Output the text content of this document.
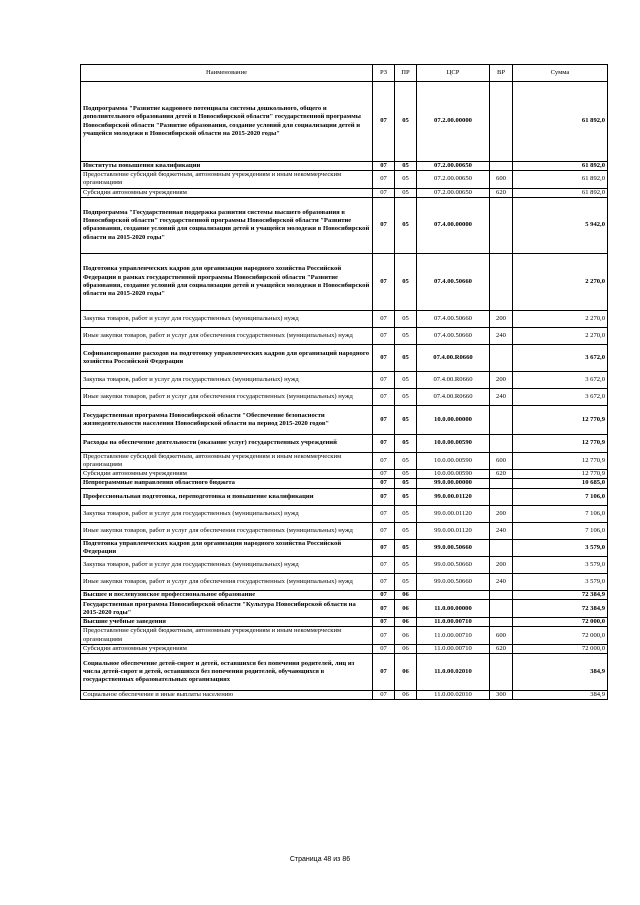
Наименование	РЗ	ПР	ЦСР	ВР	Сумма
Подпрограмма "Развитие кадрового потенциала системы дошкольного, общего и дополнительного образования детей в Новосибирской области" государственной программы Новосибирской области "Развитие образования, создание условий для социализации детей и учащейся молодежи в Новосибирской области на 2015-2020 годы"	07	05	07.2.00.00000		61 892,0
Институты повышения квалификации	07	05	07.2.00.00650		61 892,0
Предоставление субсидий бюджетным, автономным учреждениям и иным некоммерческим организациям	07	05	07.2.00.00650	600	61 892,0
Субсидии автономным учреждениям	07	05	07.2.00.00650	620	61 892,0
Подпрограмма "Государственная поддержка развития системы высшего образования в Новосибирской области" государственной программы Новосибирской области "Развитие образования, создание условий для социализации детей и учащейся молодежи в Новосибирской области на 2015-2020 годы"	07	05	07.4.00.00000		5 942,0
Подготовка управленческих кадров для организации народного хозяйства Российской Федерации в рамках государственной программы Новосибирской области "Развитие образования, создание условий для социализации детей и учащейся молодежи в Новосибирской области на 2015-2020 годы"	07	05	07.4.00.50660		2 270,0
Закупка товаров, работ и услуг для государственных (муниципальных) нужд	07	05	07.4.00.50660	200	2 270,0
Иные закупки товаров, работ и услуг для обеспечения государственных (муниципальных) нужд	07	05	07.4.00.50660	240	2 270,0
Софинансирование расходов на подготовку управленческих кадров для организаций народного хозяйства Российской Федерации	07	05	07.4.00.R0660		3 672,0
Закупка товаров, работ и услуг для государственных (муниципальных) нужд	07	05	07.4.00.R0660	200	3 672,0
Иные закупки товаров, работ и услуг для обеспечения государственных (муниципальных) нужд	07	05	07.4.00.R0660	240	3 672,0
Государственная программа Новосибирской области "Обеспечение безопасности жизнедеятельности населения Новосибирской области на период 2015-2020 годов"	07	05	10.0.00.00000		12 770,9
Расходы на обеспечение деятельности (оказание услуг) государственных учреждений	07	05	10.0.00.00590		12 770,9
Предоставление субсидий бюджетным, автономным учреждениям и иным некоммерческим организациям	07	05	10.0.00.00590	600	12 770,9
Субсидии автономным учреждениям	07	05	10.0.00.00590	620	12 770,9
Непрограммные направления областного бюджета	07	05	99.0.00.00000		10 685,0
Профессиональная подготовка, переподготовка и повышение квалификации	07	05	99.0.00.01120		7 106,0
Закупка товаров, работ и услуг для государственных (муниципальных) нужд	07	05	99.0.00.01120	200	7 106,0
Иные закупки товаров, работ и услуг для обеспечения государственных (муниципальных) нужд	07	05	99.0.00.01120	240	7 106,0
Подготовка управленческих кадров для организации народного хозяйства Российской Федерации	07	05	99.0.00.50660		3 579,0
Закупка товаров, работ и услуг для государственных (муниципальных) нужд	07	05	99.0.00.50660	200	3 579,0
Иные закупки товаров, работ и услуг для обеспечения государственных (муниципальных) нужд	07	05	99.0.00.50660	240	3 579,0
Высшее и послевузовское профессиональное образование	07	06			72 384,9
Государственная программа Новосибирской области "Культура Новосибирской области на 2015-2020 годы"	07	06	11.0.00.00000		72 384,9
Высшие учебные заведения	07	06	11.0.00.00710		72 000,0
Предоставление субсидий бюджетным, автономным учреждениям и иным некоммерческим организациям	07	06	11.0.00.00710	600	72 000,0
Субсидии автономным учреждениям	07	06	11.0.00.00710	620	72 000,0
Социальное обеспечение детей-сирот и детей, оставшихся без попечения родителей, лиц из числа детей-сирот и детей, оставшихся без попечения родителей, обучающихся в государственных образовательных организациях	07	06	11.0.00.02010		384,9
Социальное обеспечение и иные выплаты населению	07	06	11.0.00.02010	300	384,9
Страница 48 из 86
